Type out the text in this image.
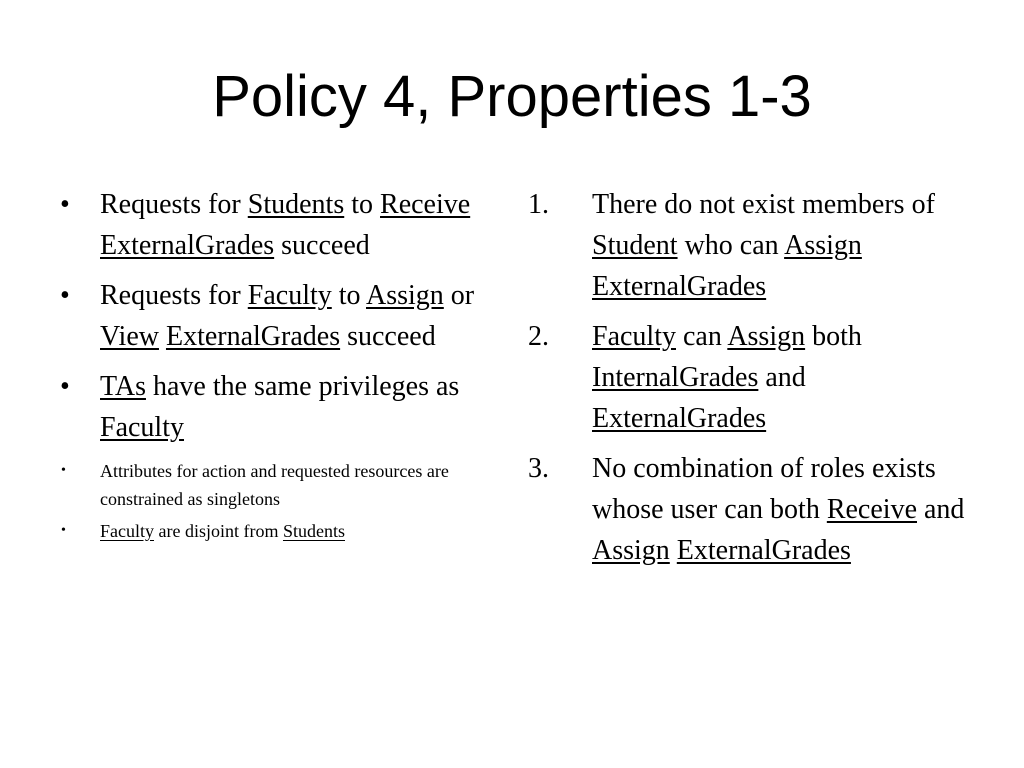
Policy 4, Properties 1-3
•	Requests for Students to Receive ExternalGrades succeed
•	Requests for Faculty to Assign or View ExternalGrades succeed
•	TAs have the same privileges as Faculty
•	Attributes for action and requested resources are constrained as singletons
•	Faculty are disjoint from Students
1.	There do not exist members of Student who can Assign ExternalGrades
2.	Faculty can Assign both InternalGrades and ExternalGrades
3.	No combination of roles exists whose user can both Receive and Assign ExternalGrades
